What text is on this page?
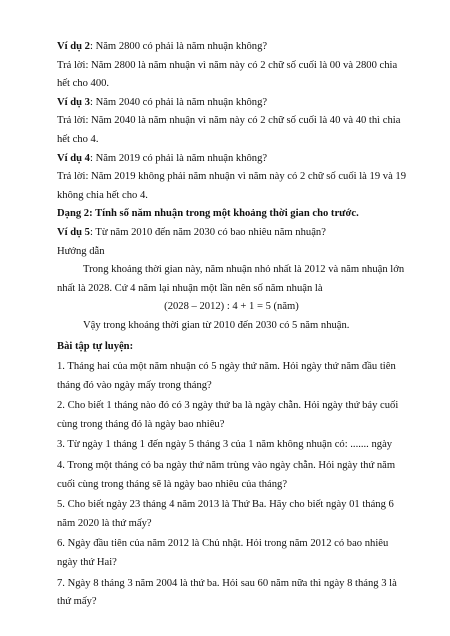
Ví dụ 2: Năm 2800 có phải là năm nhuận không?

Trả lời: Năm 2800 là năm nhuận vì năm này có 2 chữ số cuối là 00 và 2800 chia hết cho 400.

Ví dụ 3: Năm 2040 có phải là năm nhuận không?

Trả lời: Năm 2040 là năm nhuận vì năm này có 2 chữ số cuối là 40 và 40 thì chia hết cho 4.

Ví dụ 4: Năm 2019 có phải là năm nhuận không?

Trả lời: Năm 2019 không phải năm nhuận vì năm này có 2 chữ số cuối là 19 và 19 không chia hết cho 4.

Dạng 2: Tính số năm nhuận trong một khoảng thời gian cho trước.

Ví dụ 5: Từ năm 2010 đến năm 2030 có bao nhiêu năm nhuận?

Hướng dẫn

Trong khoảng thời gian này, năm nhuận nhỏ nhất là 2012 và năm nhuận lớn nhất là 2028. Cứ 4 năm lại nhuận một lần nên số năm nhuận là

(2028 – 2012) : 4 + 1 = 5 (năm)

Vậy trong khoảng thời gian từ 2010 đến 2030 có 5 năm nhuận.

Bài tập tự luyện:

1. Tháng hai của một năm nhuận có 5 ngày thứ năm. Hỏi ngày thứ năm đầu tiên tháng đó vào ngày mấy trong tháng?

2. Cho biết 1 tháng nào đó có 3 ngày thứ ba là ngày chẵn. Hỏi ngày thứ bảy cuối cùng trong tháng đó là ngày bao nhiêu?

3. Từ ngày 1 tháng 1 đến ngày 5 tháng 3 của 1 năm không nhuận có: ....... ngày

4. Trong một tháng có ba ngày thứ năm trùng vào ngày chẵn. Hỏi ngày thứ năm cuối cùng trong tháng sẽ là ngày bao nhiêu của tháng?

5. Cho biết ngày 23 tháng 4 năm 2013 là Thứ Ba. Hãy cho biết ngày 01 tháng 6 năm 2020 là thứ mấy?

6. Ngày đầu tiên của năm 2012 là Chủ nhật. Hỏi trong năm 2012 có bao nhiêu ngày thứ Hai?

7. Ngày 8 tháng 3 năm 2004 là thứ ba. Hỏi sau 60 năm nữa thì ngày 8 tháng 3 là thứ mấy?
